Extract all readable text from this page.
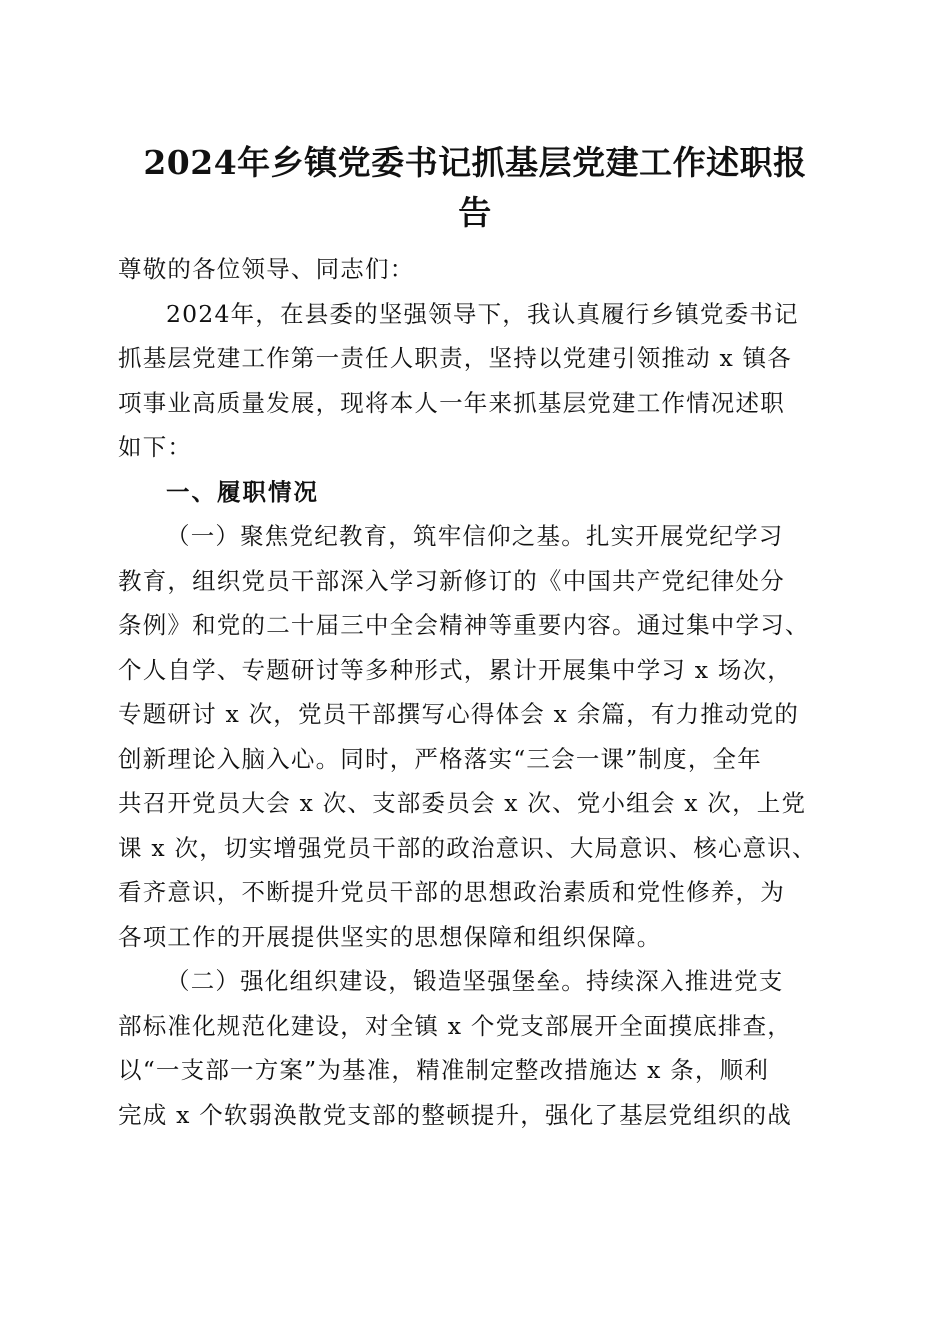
2024年乡镇党委书记抓基层党建工作述职报
告
尊敬的各位领导、同志们：
2024年，在县委的坚强领导下，我认真履行乡镇党委书记
抓基层党建工作第一责任人职责，坚持以党建引领推动 x 镇各
项事业高质量发展，现将本人一年来抓基层党建工作情况述职
如下：
一、履职情况
（一）聚焦党纪教育，筑牢信仰之基。扎实开展党纪学习
教育，组织党员干部深入学习新修订的《中国共产党纪律处分
条例》和党的二十届三中全会精神等重要内容。通过集中学习、
个人自学、专题研讨等多种形式，累计开展集中学习 x 场次，
专题研讨 x 次，党员干部撰写心得体会 x 余篇，有力推动党的
创新理论入脑入心。同时，严格落实“三会一课”制度，全年
共召开党员大会 x 次、支部委员会 x 次、党小组会 x 次，上党
课 x 次，切实增强党员干部的政治意识、大局意识、核心意识、
看齐意识，不断提升党员干部的思想政治素质和党性修养，为
各项工作的开展提供坚实的思想保障和组织保障。
（二）强化组织建设，锻造坚强堡垒。持续深入推进党支
部标准化规范化建设，对全镇 x 个党支部展开全面摸底排查，
以“一支部一方案”为基准，精准制定整改措施达 x 条，顺利
完成 x 个软弱涣散党支部的整顿提升，强化了基层党组织的战
